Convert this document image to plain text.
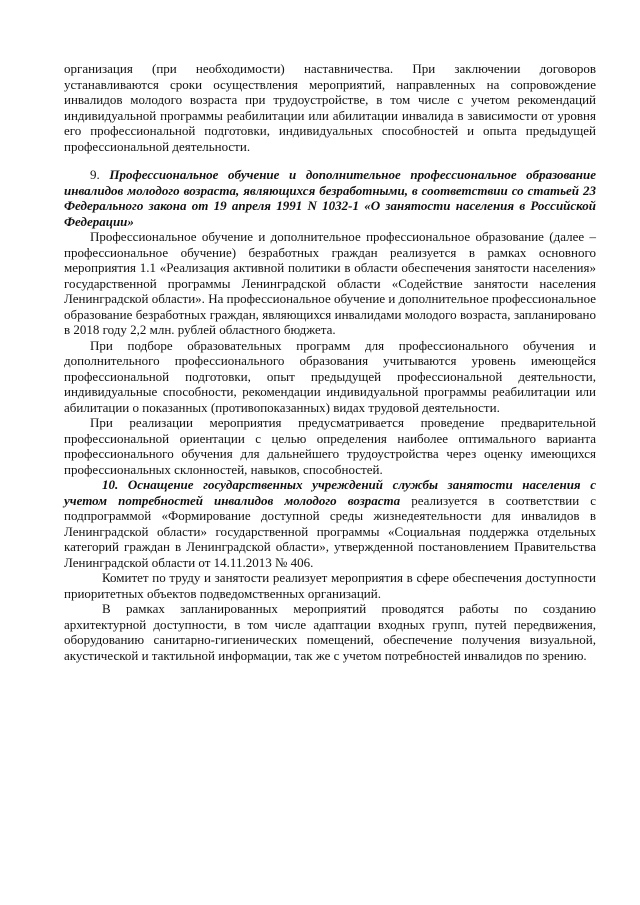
организация (при необходимости) наставничества. При заключении договоров устанавливаются сроки осуществления мероприятий, направленных на сопровождение инвалидов молодого возраста при трудоустройстве, в том числе с учетом рекомендаций индивидуальной программы реабилитации или абилитации инвалида в зависимости от уровня его профессиональной подготовки, индивидуальных способностей и опыта предыдущей профессиональной деятельности.

9. Профессиональное обучение и дополнительное профессиональное образование инвалидов молодого возраста, являющихся безработными, в соответствии со статьей 23 Федерального закона от 19 апреля 1991 N 1032-1 «О занятости населения в Российской Федерации»

Профессиональное обучение и дополнительное профессиональное образование (далее – профессиональное обучение) безработных граждан реализуется в рамках основного мероприятия 1.1 «Реализация активной политики в области обеспечения занятости населения» государственной программы Ленинградской области «Содействие занятости населения Ленинградской области». На профессиональное обучение и дополнительное профессиональное образование безработных граждан, являющихся инвалидами молодого возраста, запланировано в 2018 году 2,2 млн. рублей областного бюджета.

При подборе образовательных программ для профессионального обучения и дополнительного профессионального образования учитываются уровень имеющейся профессиональной подготовки, опыт предыдущей профессиональной деятельности, индивидуальные способности, рекомендации индивидуальной программы реабилитации или абилитации о показанных (противопоказанных) видах трудовой деятельности.

При реализации мероприятия предусматривается проведение предварительной профессиональной ориентации с целью определения наиболее оптимального варианта профессионального обучения для дальнейшего трудоустройства через оценку имеющихся профессиональных склонностей, навыков, способностей.

10. Оснащение государственных учреждений службы занятости населения с учетом потребностей инвалидов молодого возраста реализуется в соответствии с подпрограммой «Формирование доступной среды жизнедеятельности для инвалидов в Ленинградской области» государственной программы «Социальная поддержка отдельных категорий граждан в Ленинградской области», утвержденной постановлением Правительства Ленинградской области от 14.11.2013 № 406.

Комитет по труду и занятости реализует мероприятия в сфере обеспечения доступности приоритетных объектов подведомственных организаций.

В рамках запланированных мероприятий проводятся работы по созданию архитектурной доступности, в том числе адаптации входных групп, путей передвижения, оборудованию санитарно-гигиенических помещений, обеспечение получения визуальной, акустической и тактильной информации, так же с учетом потребностей инвалидов по зрению.
